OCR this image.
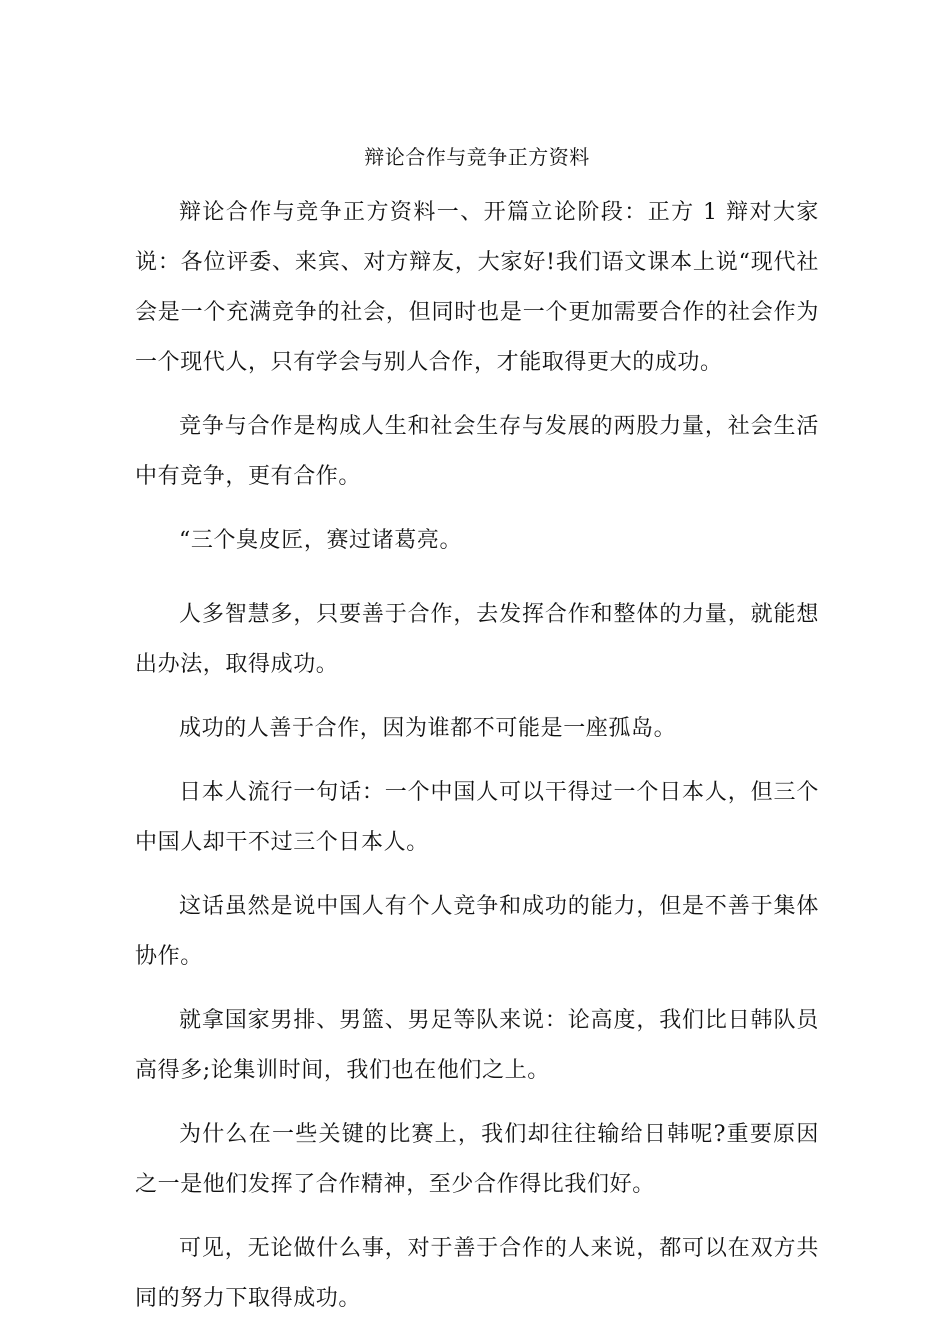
辩论合作与竞争正方资料

辩论合作与竞争正方资料一、开篇立论阶段：正方 1 辩对大家说：各位评委、来宾、对方辩友，大家好!我们语文课本上说“现代社会是一个充满竞争的社会，但同时也是一个更加需要合作的社会作为一个现代人，只有学会与别人合作，才能取得更大的成功。

竞争与合作是构成人生和社会生存与发展的两股力量，社会生活中有竞争，更有合作。

“三个臭皮匠，赛过诸葛亮。

人多智慧多，只要善于合作，去发挥合作和整体的力量，就能想出办法，取得成功。

成功的人善于合作，因为谁都不可能是一座孤岛。

日本人流行一句话：一个中国人可以干得过一个日本人，但三个中国人却干不过三个日本人。

这话虽然是说中国人有个人竞争和成功的能力，但是不善于集体协作。

就拿国家男排、男篮、男足等队来说：论高度，我们比日韩队员高得多;论集训时间，我们也在他们之上。

为什么在一些关键的比赛上，我们却往往输给日韩呢?重要原因之一是他们发挥了合作精神，至少合作得比我们好。

可见，无论做什么事，对于善于合作的人来说，都可以在双方共同的努力下取得成功。
